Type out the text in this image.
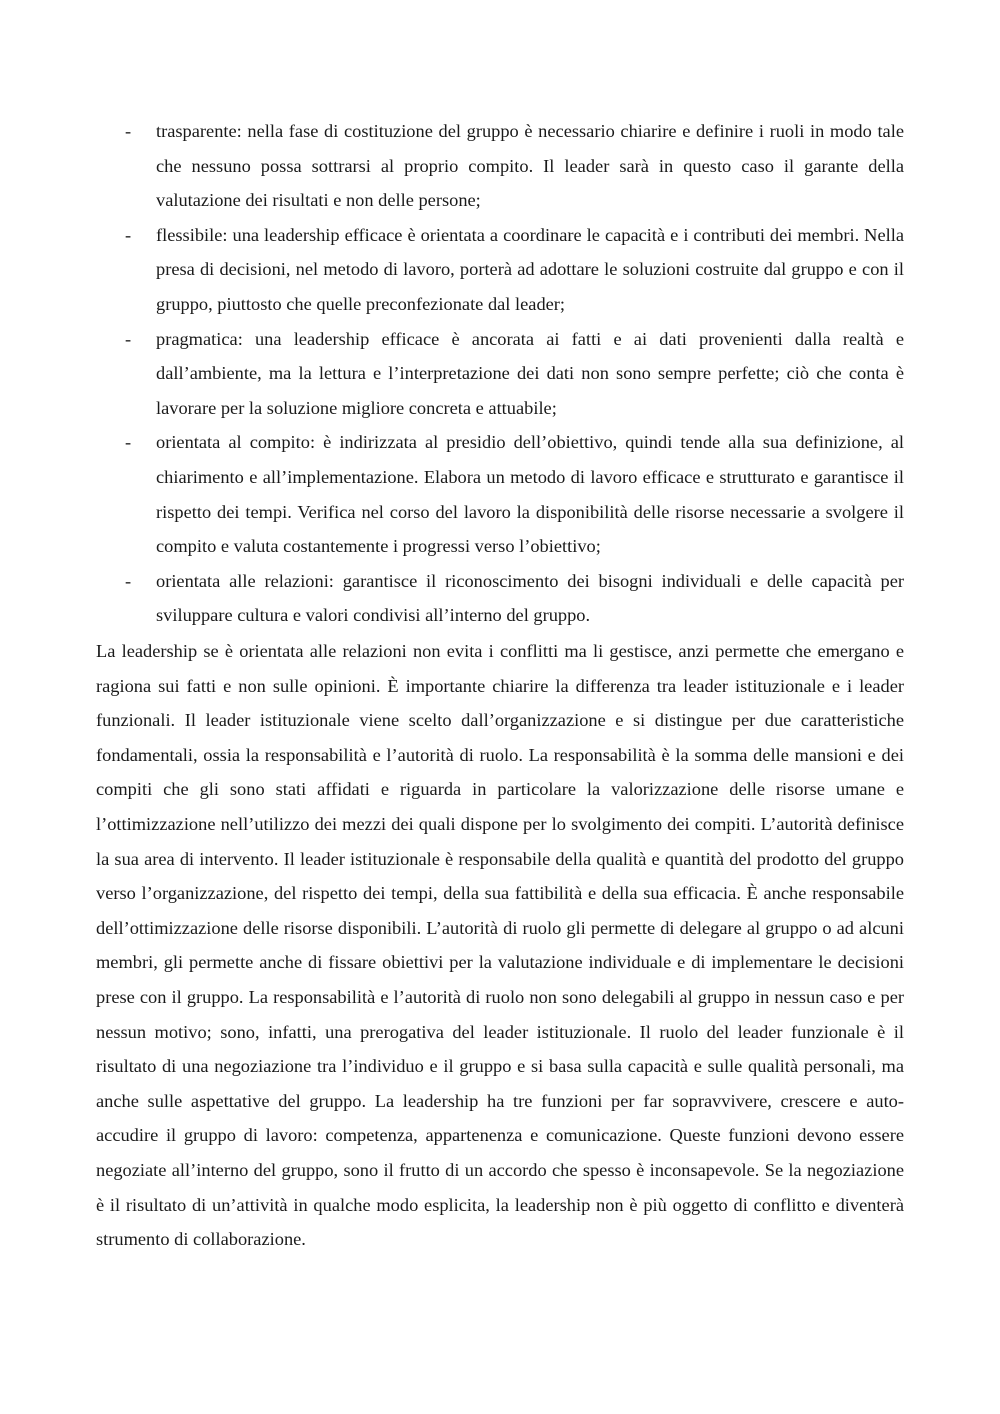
- trasparente: nella fase di costituzione del gruppo è necessario chiarire e definire i ruoli in modo tale che nessuno possa sottrarsi al proprio compito. Il leader sarà in questo caso il garante della valutazione dei risultati e non delle persone;
- flessibile: una leadership efficace è orientata a coordinare le capacità e i contributi dei membri. Nella presa di decisioni, nel metodo di lavoro, porterà ad adottare le soluzioni costruite dal gruppo e con il gruppo, piuttosto che quelle preconfezionate dal leader;
- pragmatica: una leadership efficace è ancorata ai fatti e ai dati provenienti dalla realtà e dall’ambiente, ma la lettura e l’interpretazione dei dati non sono sempre perfette; ciò che conta è lavorare per la soluzione migliore concreta e attuabile;
- orientata al compito: è indirizzata al presidio dell’obiettivo, quindi tende alla sua definizione, al chiarimento e all’implementazione. Elabora un metodo di lavoro efficace e strutturato e garantisce il rispetto dei tempi. Verifica nel corso del lavoro la disponibilità delle risorse necessarie a svolgere il compito e valuta costantemente i progressi verso l’obiettivo;
- orientata alle relazioni: garantisce il riconoscimento dei bisogni individuali e delle capacità per sviluppare cultura e valori condivisi all’interno del gruppo.

La leadership se è orientata alle relazioni non evita i conflitti ma li gestisce, anzi permette che emergano e ragiona sui fatti e non sulle opinioni. È importante chiarire la differenza tra leader istituzionale e i leader funzionali. Il leader istituzionale viene scelto dall’organizzazione e si distingue per due caratteristiche fondamentali, ossia la responsabilità e l’autorità di ruolo. La responsabilità è la somma delle mansioni e dei compiti che gli sono stati affidati e riguarda in particolare la valorizzazione delle risorse umane e l’ottimizzazione nell’utilizzo dei mezzi dei quali dispone per lo svolgimento dei compiti. L’autorità definisce la sua area di intervento. Il leader istituzionale è responsabile della qualità e quantità del prodotto del gruppo verso l’organizzazione, del rispetto dei tempi, della sua fattibilità e della sua efficacia. È anche responsabile dell’ottimizzazione delle risorse disponibili. L’autorità di ruolo gli permette di delegare al gruppo o ad alcuni membri, gli permette anche di fissare obiettivi per la valutazione individuale e di implementare le decisioni prese con il gruppo. La responsabilità e l’autorità di ruolo non sono delegabili al gruppo in nessun caso e per nessun motivo; sono, infatti, una prerogativa del leader istituzionale. Il ruolo del leader funzionale è il risultato di una negoziazione tra l’individuo e il gruppo e si basa sulla capacità e sulle qualità personali, ma anche sulle aspettative del gruppo. La leadership ha tre funzioni per far sopravvivere, crescere e auto-accudire il gruppo di lavoro: competenza, appartenenza e comunicazione. Queste funzioni devono essere negoziate all’interno del gruppo, sono il frutto di un accordo che spesso è inconsapevole. Se la negoziazione è il risultato di un’attività in qualche modo esplicita, la leadership non è più oggetto di conflitto e diventerà strumento di collaborazione.
